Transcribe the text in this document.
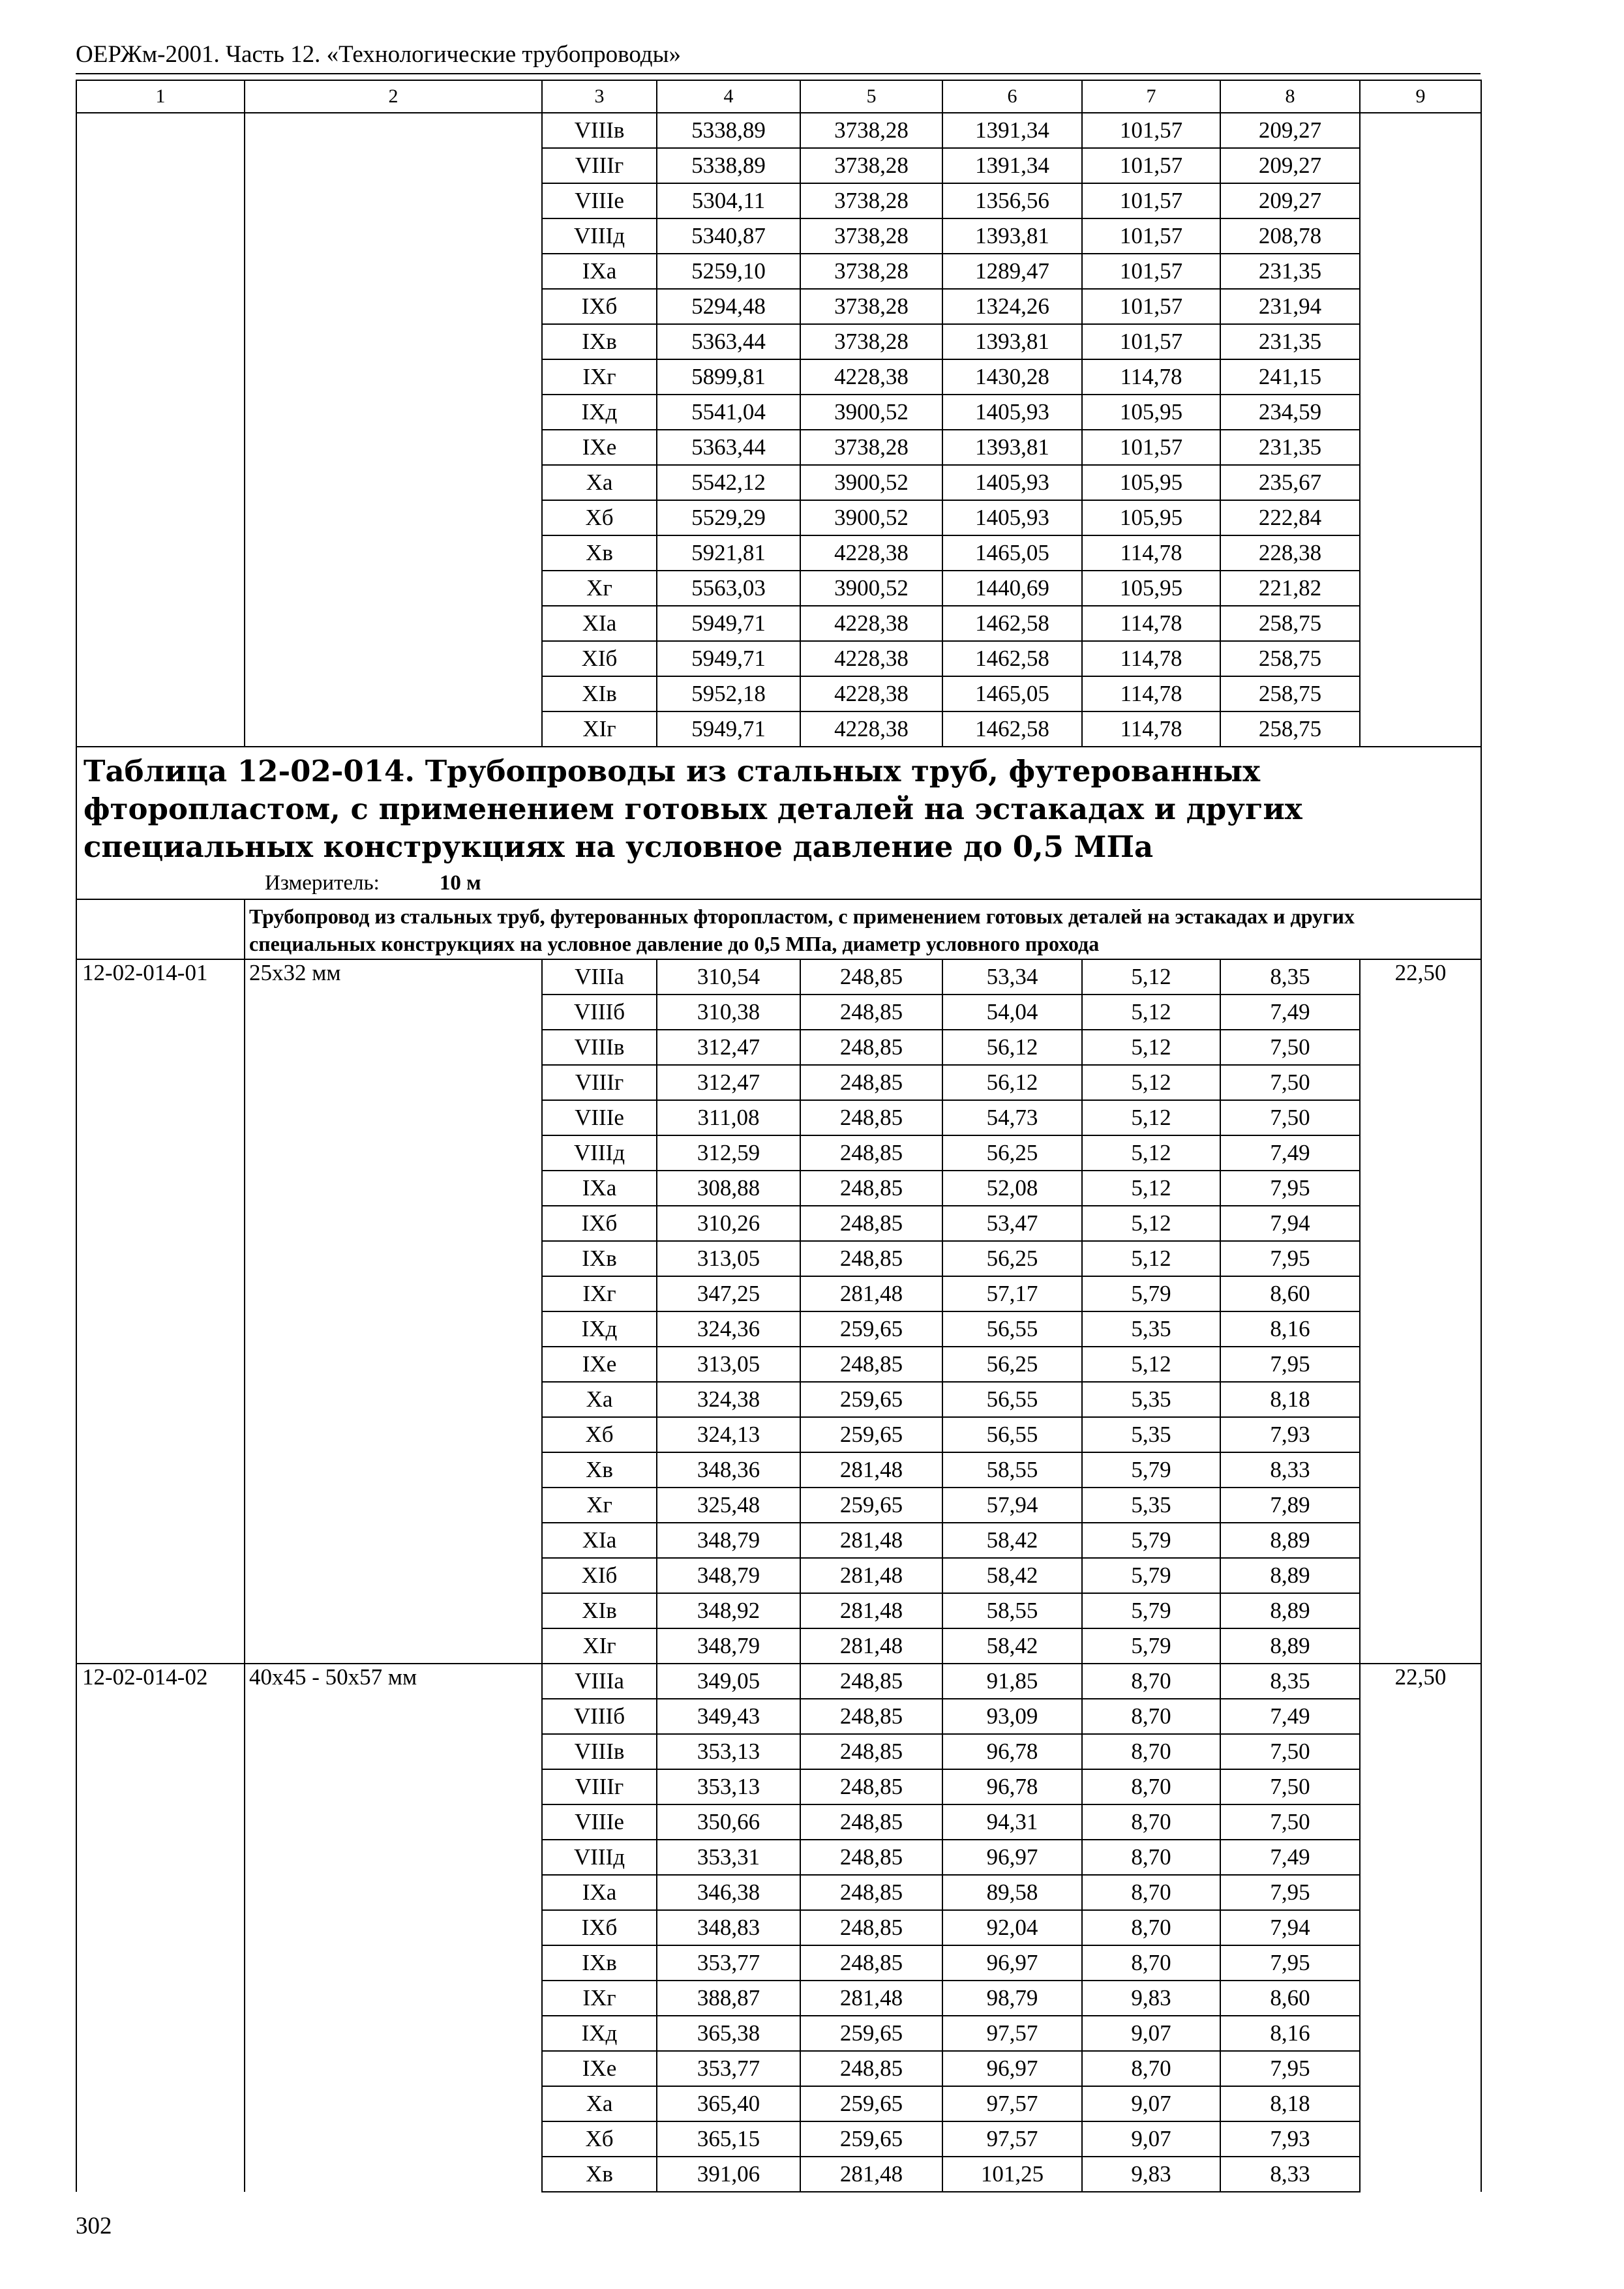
ОЕРЖм-2001. Часть 12. «Технологические трубопроводы»
1	2	3	4	5	6	7	8	9
		VIIIв	5338,89	3738,28	1391,34	101,57	209,27	
		VIIIг	5338,89	3738,28	1391,34	101,57	209,27	
		VIIIе	5304,11	3738,28	1356,56	101,57	209,27	
		VIIIд	5340,87	3738,28	1393,81	101,57	208,78	
		IXа	5259,10	3738,28	1289,47	101,57	231,35	
		IXб	5294,48	3738,28	1324,26	101,57	231,94	
		IXв	5363,44	3738,28	1393,81	101,57	231,35	
		IXг	5899,81	4228,38	1430,28	114,78	241,15	
		IXд	5541,04	3900,52	1405,93	105,95	234,59	
		IXе	5363,44	3738,28	1393,81	101,57	231,35	
		Xа	5542,12	3900,52	1405,93	105,95	235,67	
		Xб	5529,29	3900,52	1405,93	105,95	222,84	
		Xв	5921,81	4228,38	1465,05	114,78	228,38	
		Xг	5563,03	3900,52	1440,69	105,95	221,82	
		XIа	5949,71	4228,38	1462,58	114,78	258,75	
		XIб	5949,71	4228,38	1462,58	114,78	258,75	
		XIв	5952,18	4228,38	1465,05	114,78	258,75	
		XIг	5949,71	4228,38	1462,58	114,78	258,75	

Таблица 12-02-014. Трубопроводы из стальных труб, футерованных фторопластом, с применением готовых деталей на эстакадах и других специальных конструкциях на условное давление до 0,5 МПа
Измеритель: 10 м								

	Трубопровод из стальных труб, футерованных фторопластом, с применением готовых деталей на эстакадах и других специальных конструкциях на условное давление до 0,5 МПа, диаметр условного прохода							
12-02-014-01	25x32 мм	VIIIа	310,54	248,85	53,34	5,12	8,35	22,50
		VIIIб	310,38	248,85	54,04	5,12	7,49	
		VIIIв	312,47	248,85	56,12	5,12	7,50	
		VIIIг	312,47	248,85	56,12	5,12	7,50	
		VIIIе	311,08	248,85	54,73	5,12	7,50	
		VIIIд	312,59	248,85	56,25	5,12	7,49	
		IXа	308,88	248,85	52,08	5,12	7,95	
		IXб	310,26	248,85	53,47	5,12	7,94	
		IXв	313,05	248,85	56,25	5,12	7,95	
		IXг	347,25	281,48	57,17	5,79	8,60	
		IXд	324,36	259,65	56,55	5,35	8,16	
		IXе	313,05	248,85	56,25	5,12	7,95	
		Xа	324,38	259,65	56,55	5,35	8,18	
		Xб	324,13	259,65	56,55	5,35	7,93	
		Xв	348,36	281,48	58,55	5,79	8,33	
		Xг	325,48	259,65	57,94	5,35	7,89	
		XIа	348,79	281,48	58,42	5,79	8,89	
		XIб	348,79	281,48	58,42	5,79	8,89	
		XIв	348,92	281,48	58,55	5,79	8,89	
		XIг	348,79	281,48	58,42	5,79	8,89	
12-02-014-02	40x45 - 50x57 мм	VIIIа	349,05	248,85	91,85	8,70	8,35	22,50
		VIIIб	349,43	248,85	93,09	8,70	7,49	
		VIIIв	353,13	248,85	96,78	8,70	7,50	
		VIIIг	353,13	248,85	96,78	8,70	7,50	
		VIIIе	350,66	248,85	94,31	8,70	7,50	
		VIIIд	353,31	248,85	96,97	8,70	7,49	
		IXа	346,38	248,85	89,58	8,70	7,95	
		IXб	348,83	248,85	92,04	8,70	7,94	
		IXв	353,77	248,85	96,97	8,70	7,95	
		IXг	388,87	281,48	98,79	9,83	8,60	
		IXд	365,38	259,65	97,57	9,07	8,16	
		IXе	353,77	248,85	96,97	8,70	7,95	
		Xа	365,40	259,65	97,57	9,07	8,18	
		Xб	365,15	259,65	97,57	9,07	7,93	
		Xв	391,06	281,48	101,25	9,83	8,33	
302
